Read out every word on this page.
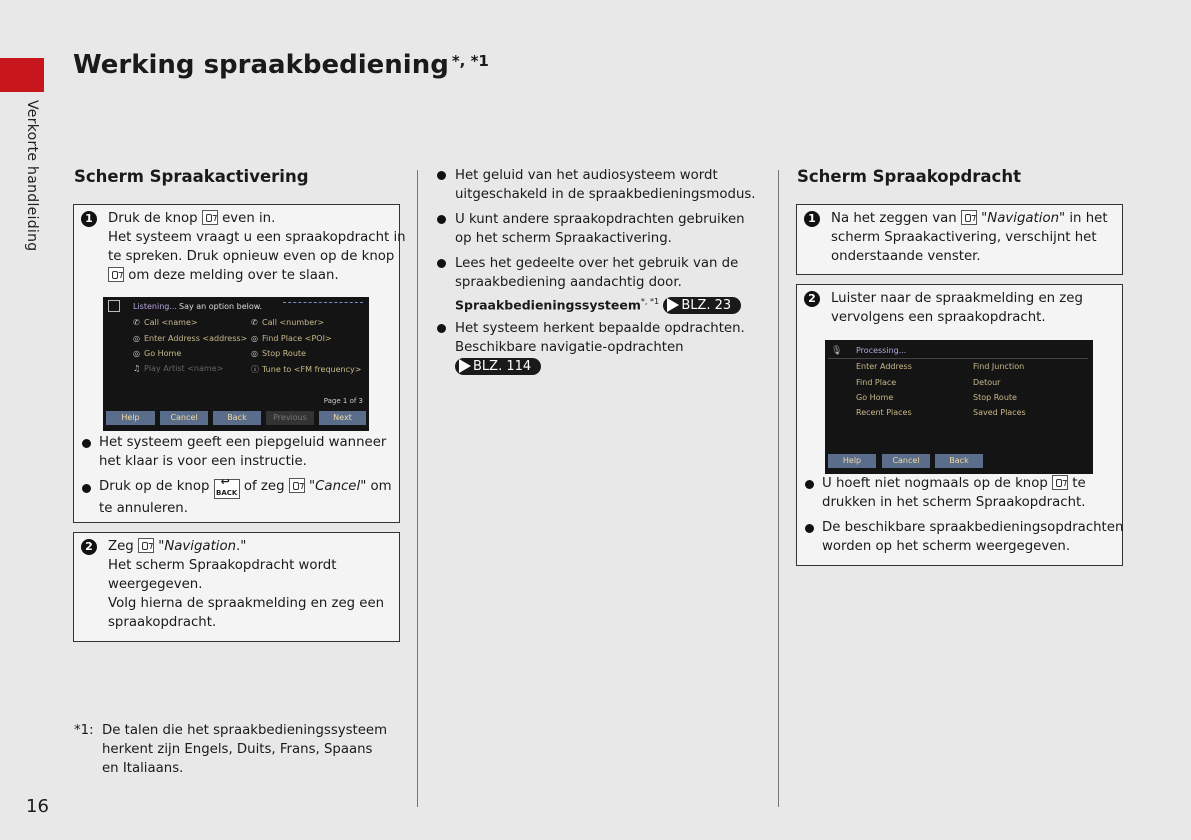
Verkorte handleiding
Werking spraakbediening $^{*, *1}$
16
Scherm Spraakactivering
1	Druk de knop even in.
Het systeem vraagt u een spraakopdracht in
te spreken. Druk opnieuw even op de knop
om deze melding over te slaan.
Listening... Say an option below.
✆ Call <name>	✆ Call <number>
◎ Enter Address <address> ◎ Find Place <POI>
◎ Go Home	◎ Stop Route
♫ Play Artist <name>	ⓘ Tune to <FM frequency>
Page 1 of 3
Help	Cancel	Back	Previous	Next
Het systeem geeft een piepgeluid wanneer
het klaar is voor een instructie.
Druk op de knop ↩ BACK of zeg "Cancel" om
te annuleren.
2	Zeg "Navigation."
Het scherm Spraakopdracht wordt
weergegeven.
Volg hierna de spraakmelding en zeg een
spraakopdracht.
*1: De talen die het spraakbedieningssysteem
herkent zijn Engels, Duits, Frans, Spaans
en Italiaans.
Het geluid van het audiosysteem wordt
uitgeschakeld in de spraakbedieningsmodus.
U kunt andere spraakopdrachten gebruiken
op het scherm Spraakactivering.
Lees het gedeelte over het gebruik van de
spraakbediening aandachtig door.
Spraakbedieningssysteem$^{*, *1}$ BLZ. 23
Het systeem herkent bepaalde opdrachten.
Beschikbare navigatie-opdrachten
BLZ. 114
Scherm Spraakopdracht
1	Na het zeggen van "Navigation" in het
scherm Spraakactivering, verschijnt het
onderstaande venster.
2	Luister naar de spraakmelding en zeg
vervolgens een spraakopdracht.
🎙 Processing...
Enter Address	Find Junction
Find Place	Detour
Go Home	Stop Route
Recent Places	Saved Places
Help	Cancel	Back
U hoeft niet nogmaals op de knop te
drukken in het scherm Spraakopdracht.
De beschikbare spraakbedieningsopdrachten
worden op het scherm weergegeven.
